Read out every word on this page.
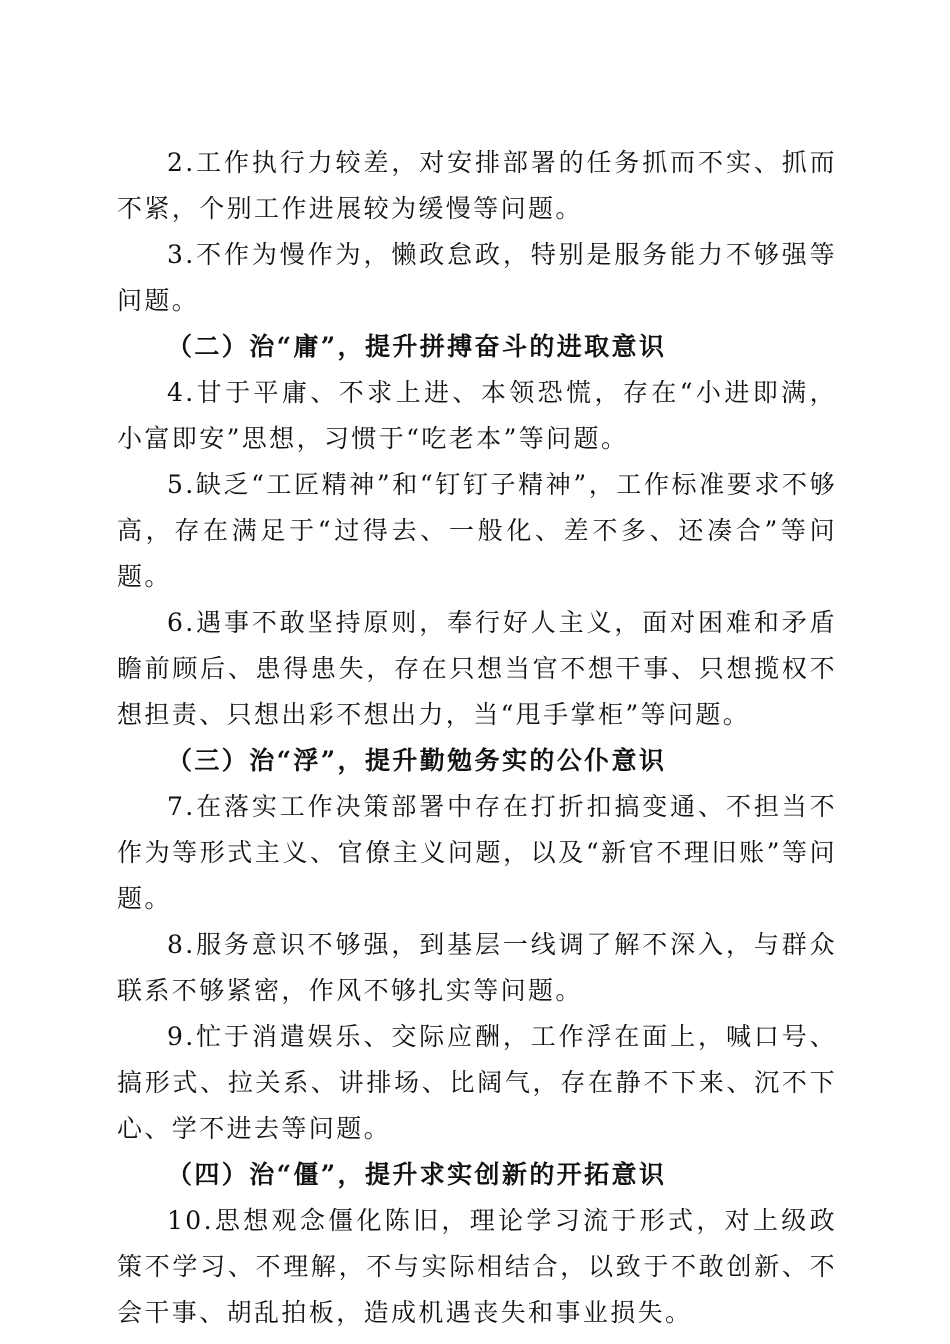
2.工作执行力较差，对安排部署的任务抓而不实、抓而不紧，个别工作进展较为缓慢等问题。

3.不作为慢作为，懒政怠政，特别是服务能力不够强等问题。

（二）治“庸”，提升拼搏奋斗的进取意识

4.甘于平庸、不求上进、本领恐慌，存在“小进即满，小富即安”思想，习惯于“吃老本”等问题。

5.缺乏“工匠精神”和“钉钉子精神”，工作标准要求不够高，存在满足于“过得去、一般化、差不多、还凑合”等问题。

6.遇事不敢坚持原则，奉行好人主义，面对困难和矛盾瞻前顾后、患得患失，存在只想当官不想干事、只想揽权不想担责、只想出彩不想出力，当“甩手掌柜”等问题。

（三）治“浮”，提升勤勉务实的公仆意识

7.在落实工作决策部署中存在打折扣搞变通、不担当不作为等形式主义、官僚主义问题，以及“新官不理旧账”等问题。

8.服务意识不够强，到基层一线调了解不深入，与群众联系不够紧密，作风不够扎实等问题。

9.忙于消遣娱乐、交际应酬，工作浮在面上，喊口号、搞形式、拉关系、讲排场、比阔气，存在静不下来、沉不下心、学不进去等问题。

（四）治“僵”，提升求实创新的开拓意识

10.思想观念僵化陈旧，理论学习流于形式，对上级政策不学习、不理解，不与实际相结合，以致于不敢创新、不会干事、胡乱拍板，造成机遇丧失和事业损失。
